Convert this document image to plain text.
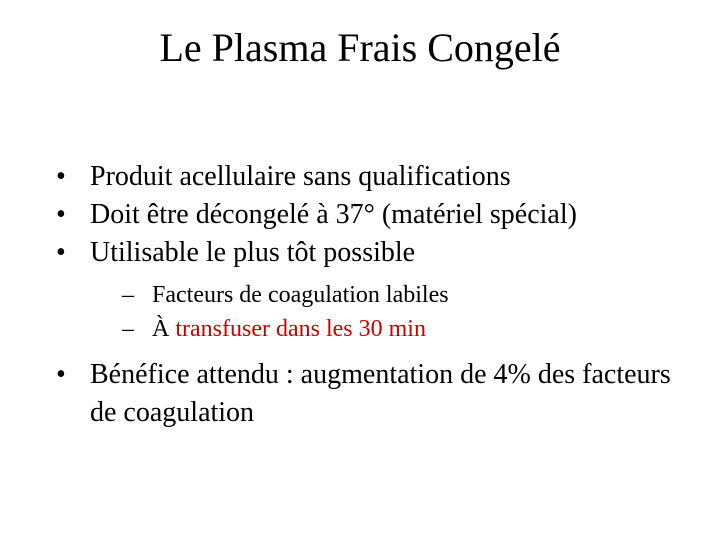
Le Plasma Frais Congelé
• Produit acellulaire sans qualifications
• Doit être décongelé à 37° (matériel spécial)
• Utilisable le plus tôt possible
– Facteurs de coagulation labiles
– À transfuser dans les 30 min
• Bénéfice attendu : augmentation de 4% des facteurs de coagulation
